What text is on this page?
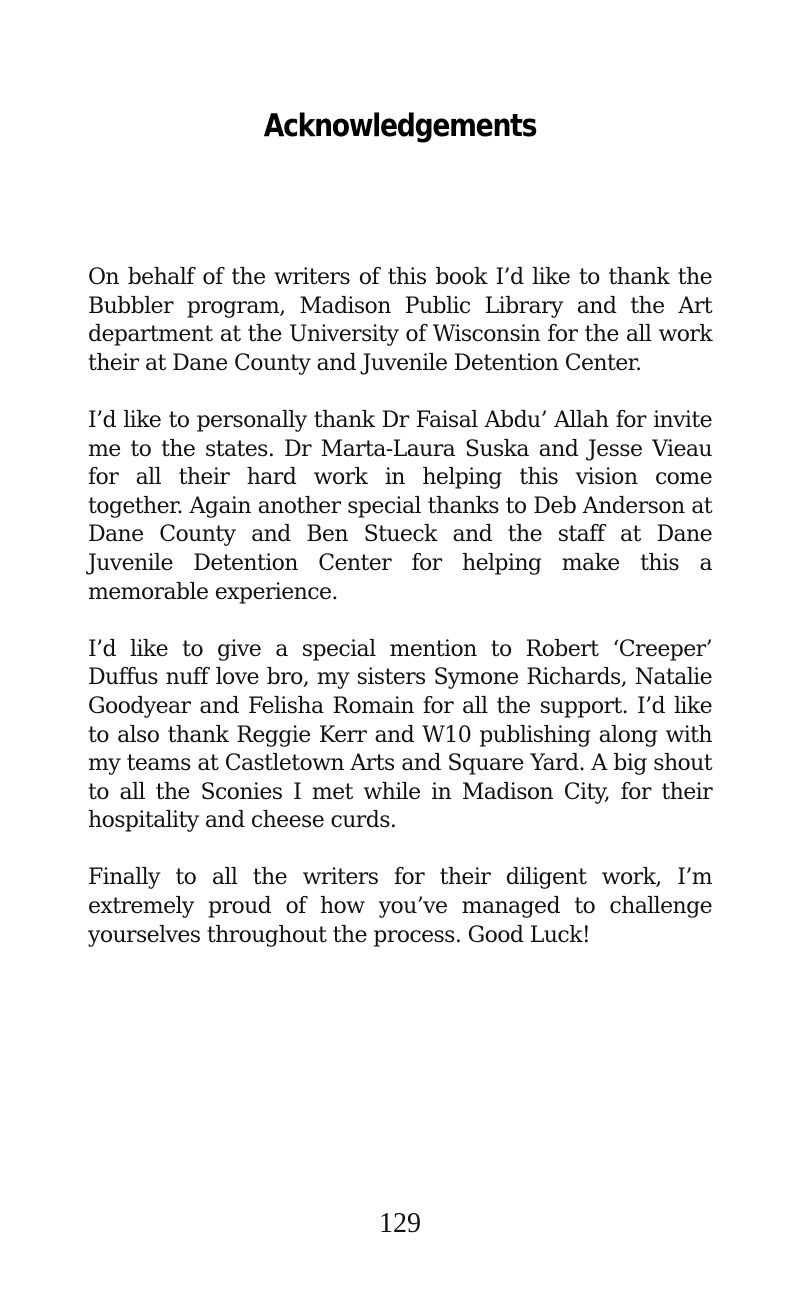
Acknowledgements

On behalf of the writers of this book I’d like to thank the Bubbler program, Madison Public Library and the Art department at the University of Wisconsin for the all work their at Dane County and Juvenile Detention Center.

I’d like to personally thank Dr Faisal Abdu’ Allah for invite me to the states. Dr Marta-Laura Suska and Jesse Vieau for all their hard work in helping this vision come together. Again another special thanks to Deb Anderson at Dane County and Ben Stueck and the staff at Dane Juvenile Detention Center for helping make this a memorable experience.

I’d like to give a special mention to Robert ‘Creeper’ Duffus nuff love bro, my sisters Symone Richards, Natalie Goodyear and Felisha Romain for all the support. I’d like to also thank Reggie Kerr and W10 publishing along with my teams at Castletown Arts and Square Yard. A big shout to all the Sconies I met while in Madison City, for their hospitality and cheese curds.

Finally to all the writers for their diligent work, I’m extremely proud of how you’ve managed to challenge yourselves throughout the process. Good Luck!

129
